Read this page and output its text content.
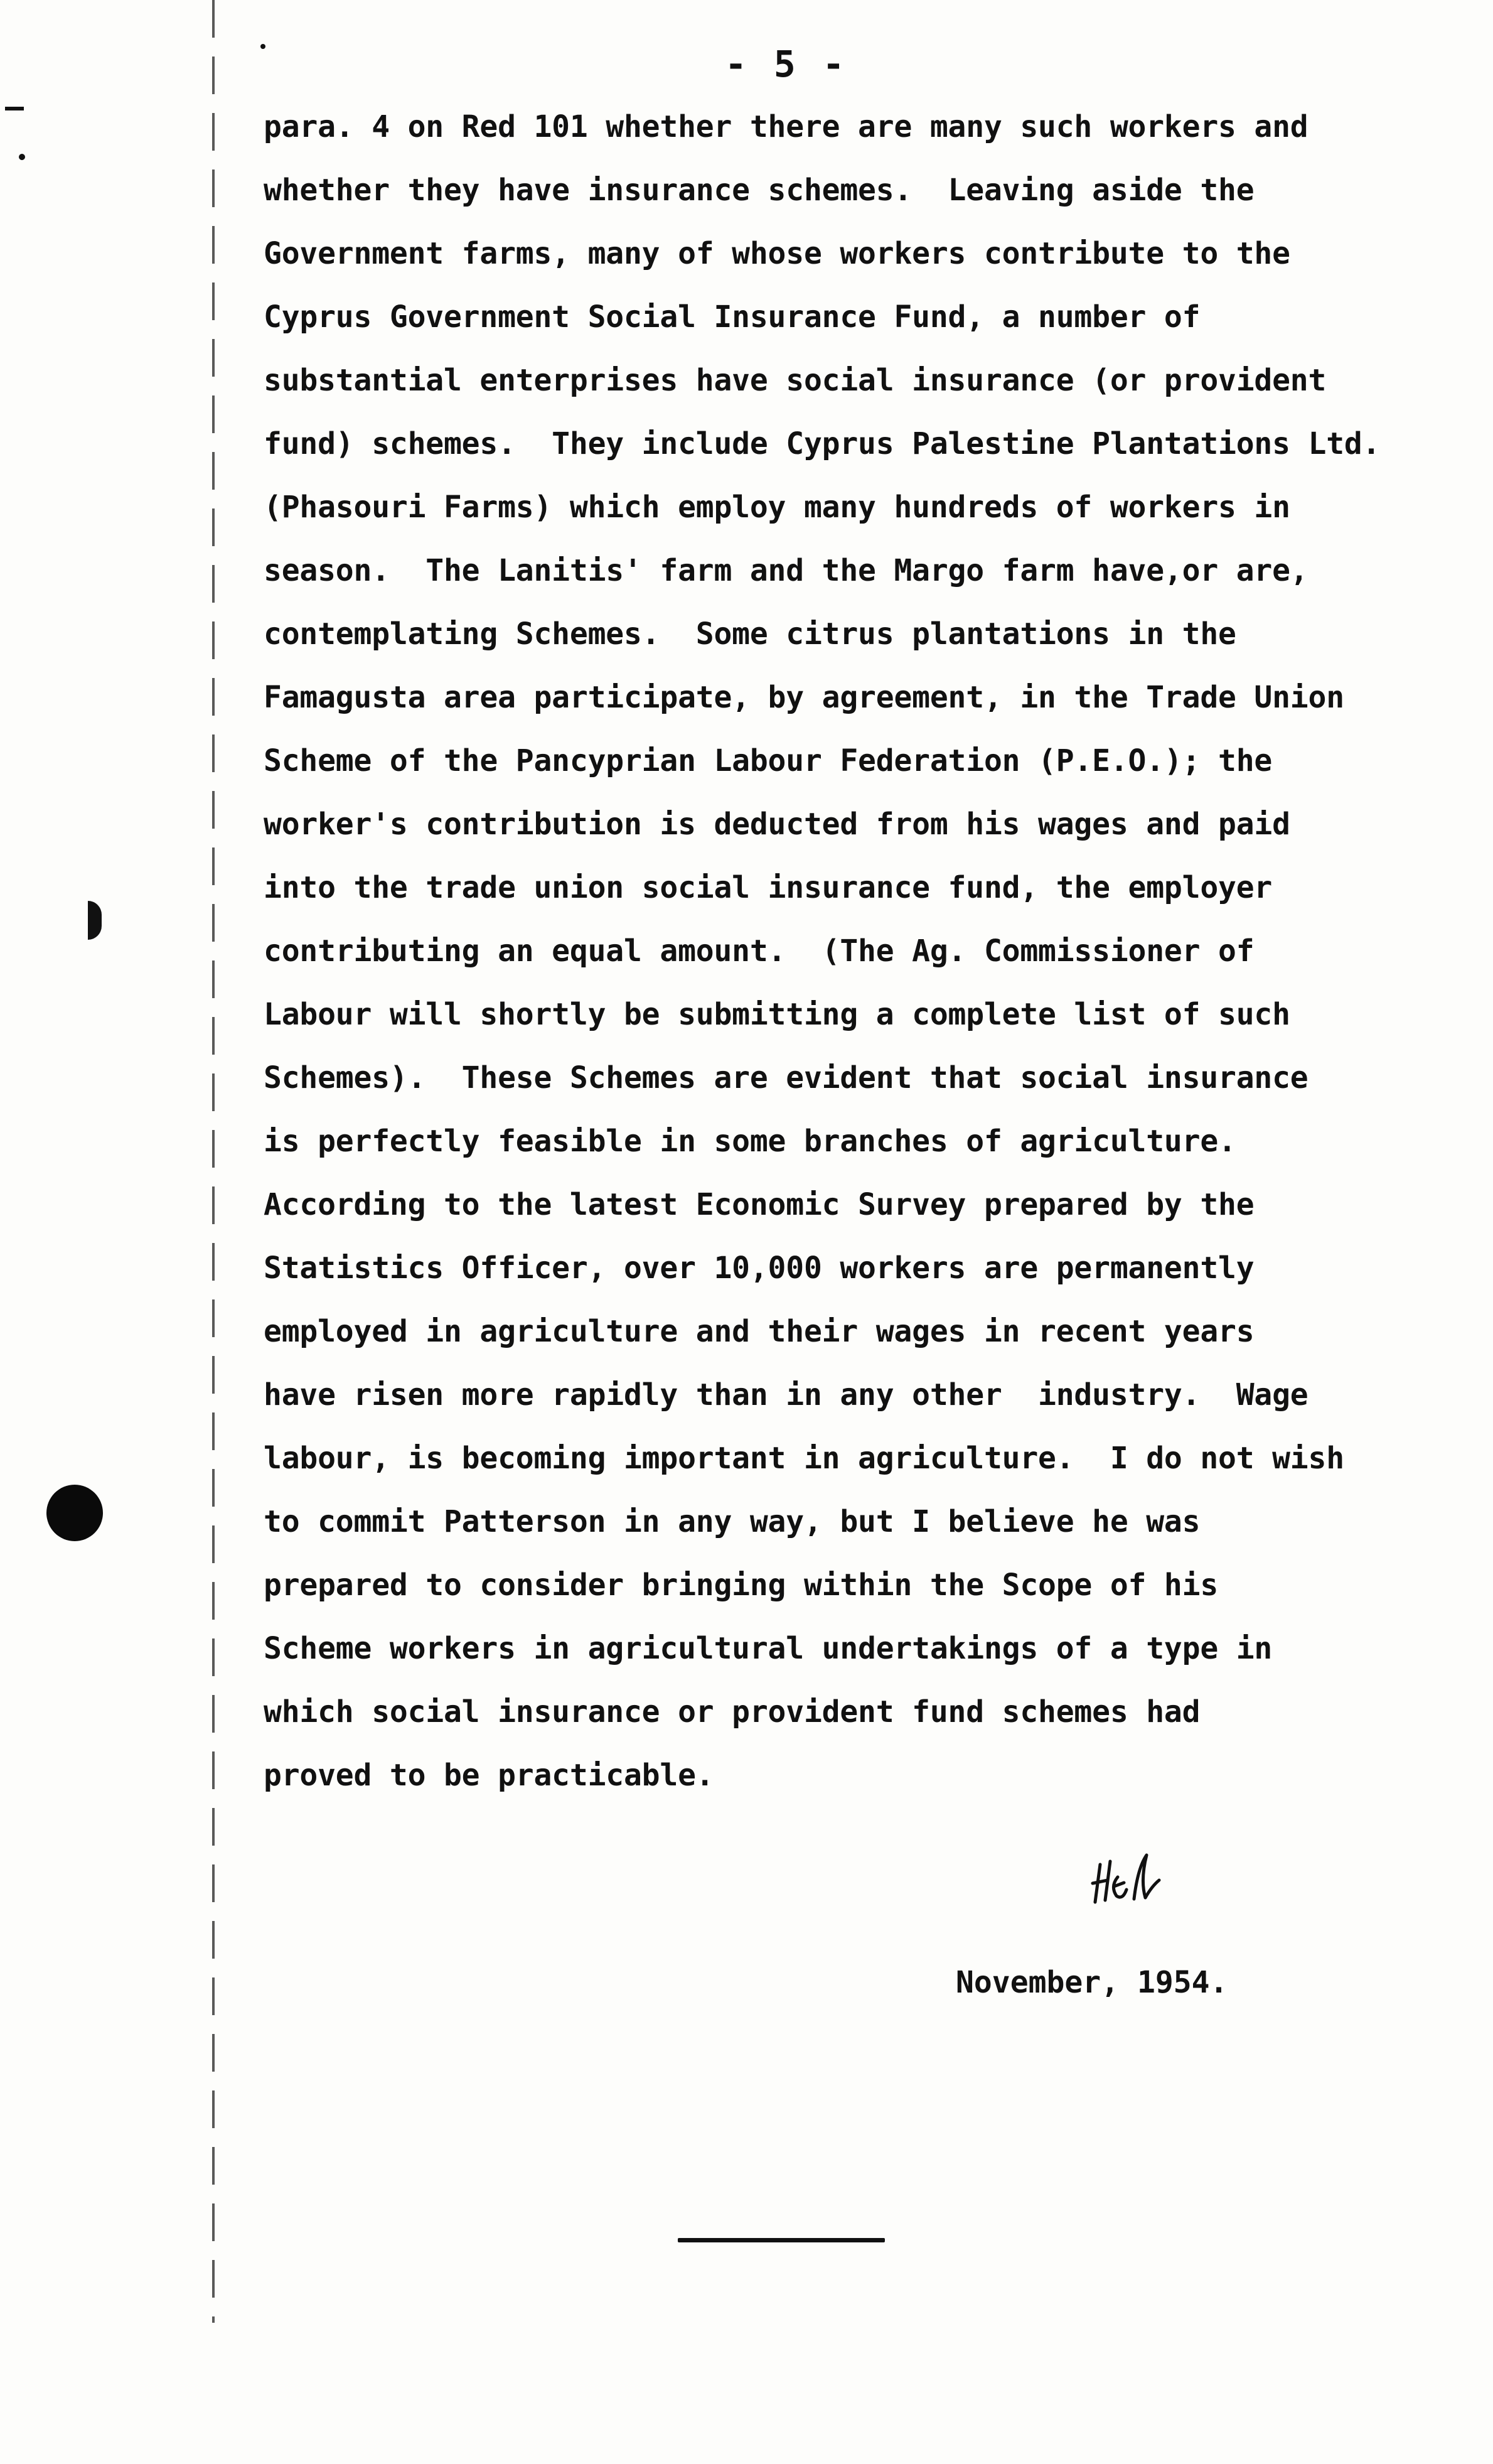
- 5 -
para. 4 on Red 101 whether there are many such workers and
whether they have insurance schemes.  Leaving aside the
Government farms, many of whose workers contribute to the
Cyprus Government Social Insurance Fund, a number of
substantial enterprises have social insurance (or provident
fund) schemes.  They include Cyprus Palestine Plantations Ltd.
(Phasouri Farms) which employ many hundreds of workers in
season.  The Lanitis' farm and the Margo farm have,or are,
contemplating Schemes.  Some citrus plantations in the
Famagusta area participate, by agreement, in the Trade Union
Scheme of the Pancyprian Labour Federation (P.E.O.); the
worker's contribution is deducted from his wages and paid
into the trade union social insurance fund, the employer
contributing an equal amount.  (The Ag. Commissioner of
Labour will shortly be submitting a complete list of such
Schemes).  These Schemes are evident that social insurance
is perfectly feasible in some branches of agriculture.
According to the latest Economic Survey prepared by the
Statistics Officer, over 10,000 workers are permanently
employed in agriculture and their wages in recent years
have risen more rapidly than in any other  industry.  Wage
labour, is becoming important in agriculture.  I do not wish
to commit Patterson in any way, but I believe he was
prepared to consider bringing within the Scope of his
Scheme workers in agricultural undertakings of a type in
which social insurance or provident fund schemes had
proved to be practicable.
November, 1954.
